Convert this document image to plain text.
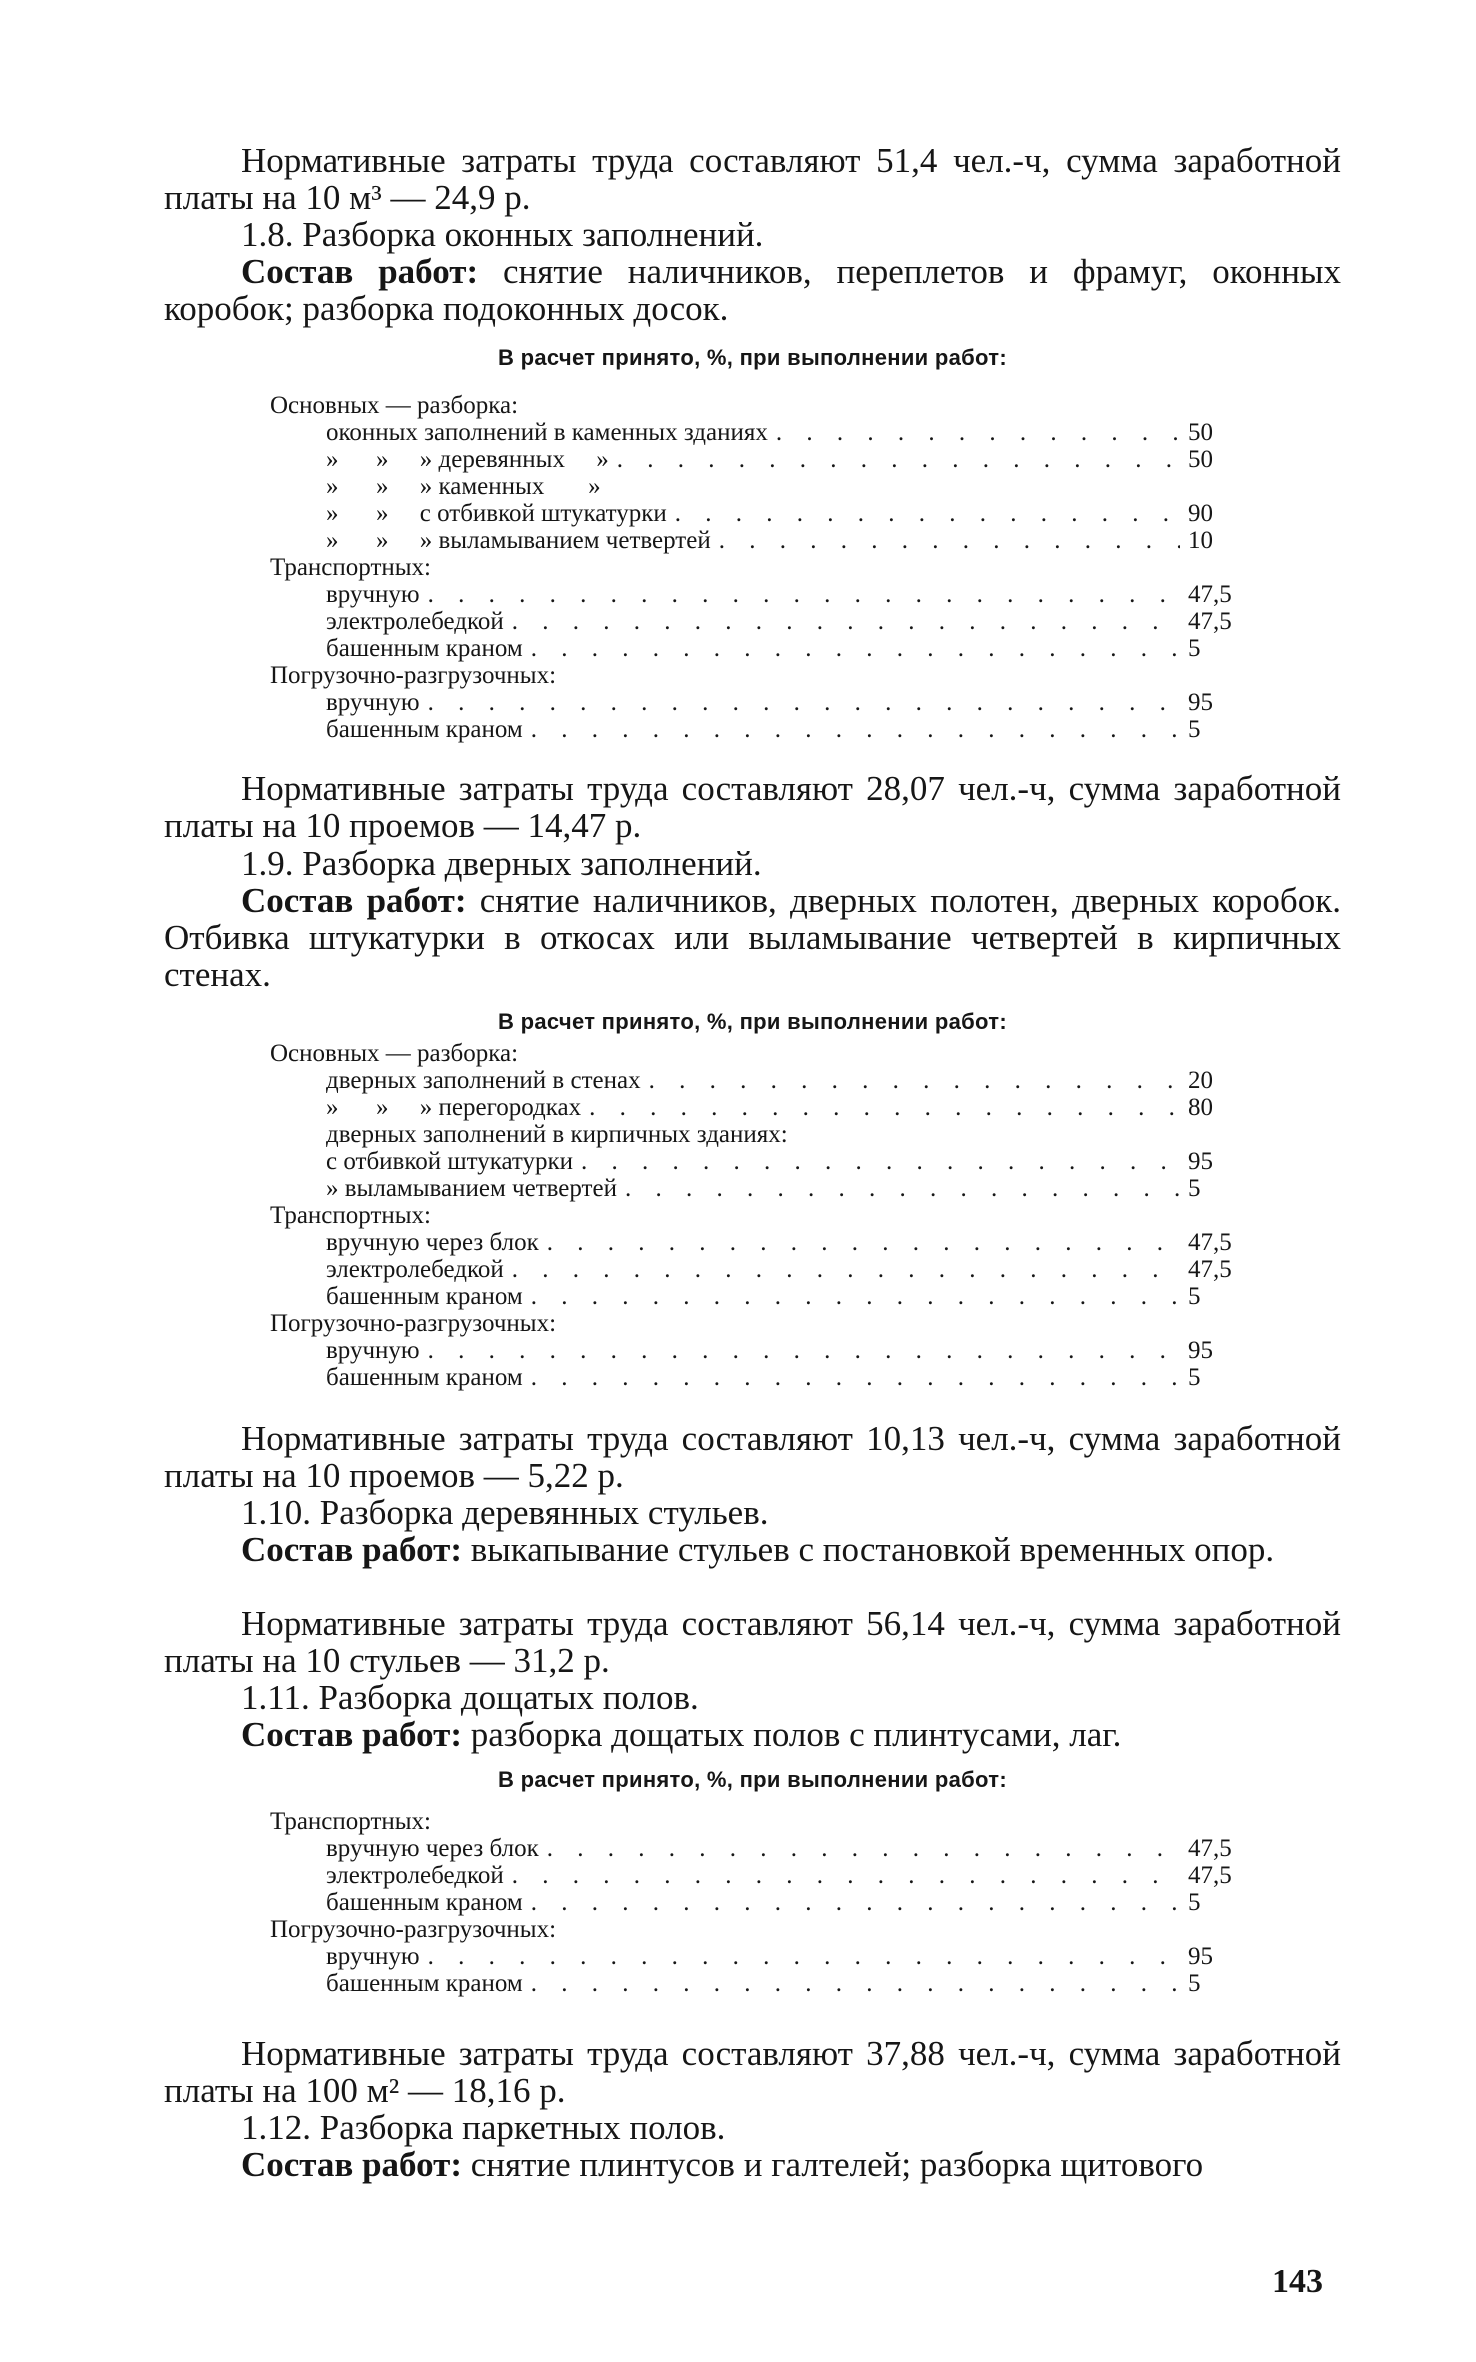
Нормативные затраты труда составляют 51,4 чел.-ч, сумма заработной платы на 10 м³ — 24,9 р.

1.8. Разборка оконных заполнений.

Состав работ: снятие наличников, переплетов и фрамуг, оконных коробок; разборка подоконных досок.

В расчет принято, %, при выполнении работ:

Основных — разборка:
оконных заполнений в каменных зданиях . . .	50
»      »     » деревянных     » . . .	50
»      »     » каменных       »
»      »     с отбивкой штукатурки . . .	90
»      »     » выламыванием четвертей . . .	10
Транспортных:
вручную . . .	47,5
электролебедкой . . .	47,5
башенным краном . . .	5
Погрузочно-разгрузочных:
вручную . . .	95
башенным краном . . .	5

Нормативные затраты труда составляют 28,07 чел.-ч, сумма заработной платы на 10 проемов — 14,47 р.

1.9. Разборка дверных заполнений.

Состав работ: снятие наличников, дверных полотен, дверных коробок. Отбивка штукатурки в откосах или выламывание четвертей в кирпичных стенах.

В расчет принято, %, при выполнении работ:

Основных — разборка:
дверных заполнений в стенах . . .	20
»      »     » перегородках . . .	80
дверных заполнений в кирпичных зданиях:
с отбивкой штукатурки . . .	95
» выламыванием четвертей . . .	5
Транспортных:
вручную через блок . . .	47,5
электролебедкой . . .	47,5
башенным краном . . .	5
Погрузочно-разгрузочных:
вручную . . .	95
башенным краном . . .	5

Нормативные затраты труда составляют 10,13 чел.-ч, сумма заработной платы на 10 проемов — 5,22 р.

1.10. Разборка деревянных стульев.

Состав работ: выкапывание стульев с постановкой временных опор.

Нормативные затраты труда составляют 56,14 чел.-ч, сумма заработной платы на 10 стульев — 31,2 р.

1.11. Разборка дощатых полов.

Состав работ: разборка дощатых полов с плинтусами, лаг.

В расчет принято, %, при выполнении работ:

Транспортных:
вручную через блок . . .	47,5
электролебедкой . . .	47,5
башенным краном . . .	5
Погрузочно-разгрузочных:
вручную . . .	95
башенным краном . . .	5

Нормативные затраты труда составляют 37,88 чел.-ч, сумма заработной платы на 100 м² — 18,16 р.

1.12. Разборка паркетных полов.

Состав работ: снятие плинтусов и галтелей; разборка щитового

143
